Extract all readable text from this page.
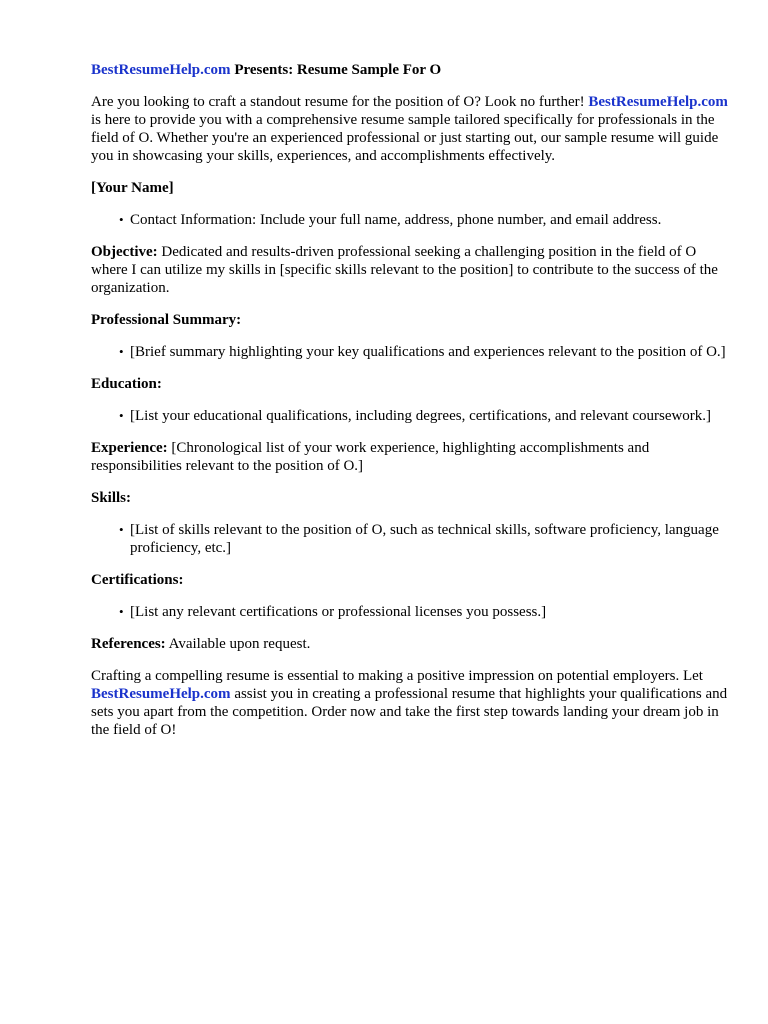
BestResumeHelp.com Presents: Resume Sample For O

Are you looking to craft a standout resume for the position of O? Look no further! BestResumeHelp.com is here to provide you with a comprehensive resume sample tailored specifically for professionals in the field of O. Whether you're an experienced professional or just starting out, our sample resume will guide you in showcasing your skills, experiences, and accomplishments effectively.

[Your Name]

• Contact Information: Include your full name, address, phone number, and email address.

Objective: Dedicated and results-driven professional seeking a challenging position in the field of O where I can utilize my skills in [specific skills relevant to the position] to contribute to the success of the organization.

Professional Summary:

• [Brief summary highlighting your key qualifications and experiences relevant to the position of O.]

Education:

• [List your educational qualifications, including degrees, certifications, and relevant coursework.]

Experience: [Chronological list of your work experience, highlighting accomplishments and responsibilities relevant to the position of O.]

Skills:

• [List of skills relevant to the position of O, such as technical skills, software proficiency, language proficiency, etc.]

Certifications:

• [List any relevant certifications or professional licenses you possess.]

References: Available upon request.

Crafting a compelling resume is essential to making a positive impression on potential employers. Let BestResumeHelp.com assist you in creating a professional resume that highlights your qualifications and sets you apart from the competition. Order now and take the first step towards landing your dream job in the field of O!
